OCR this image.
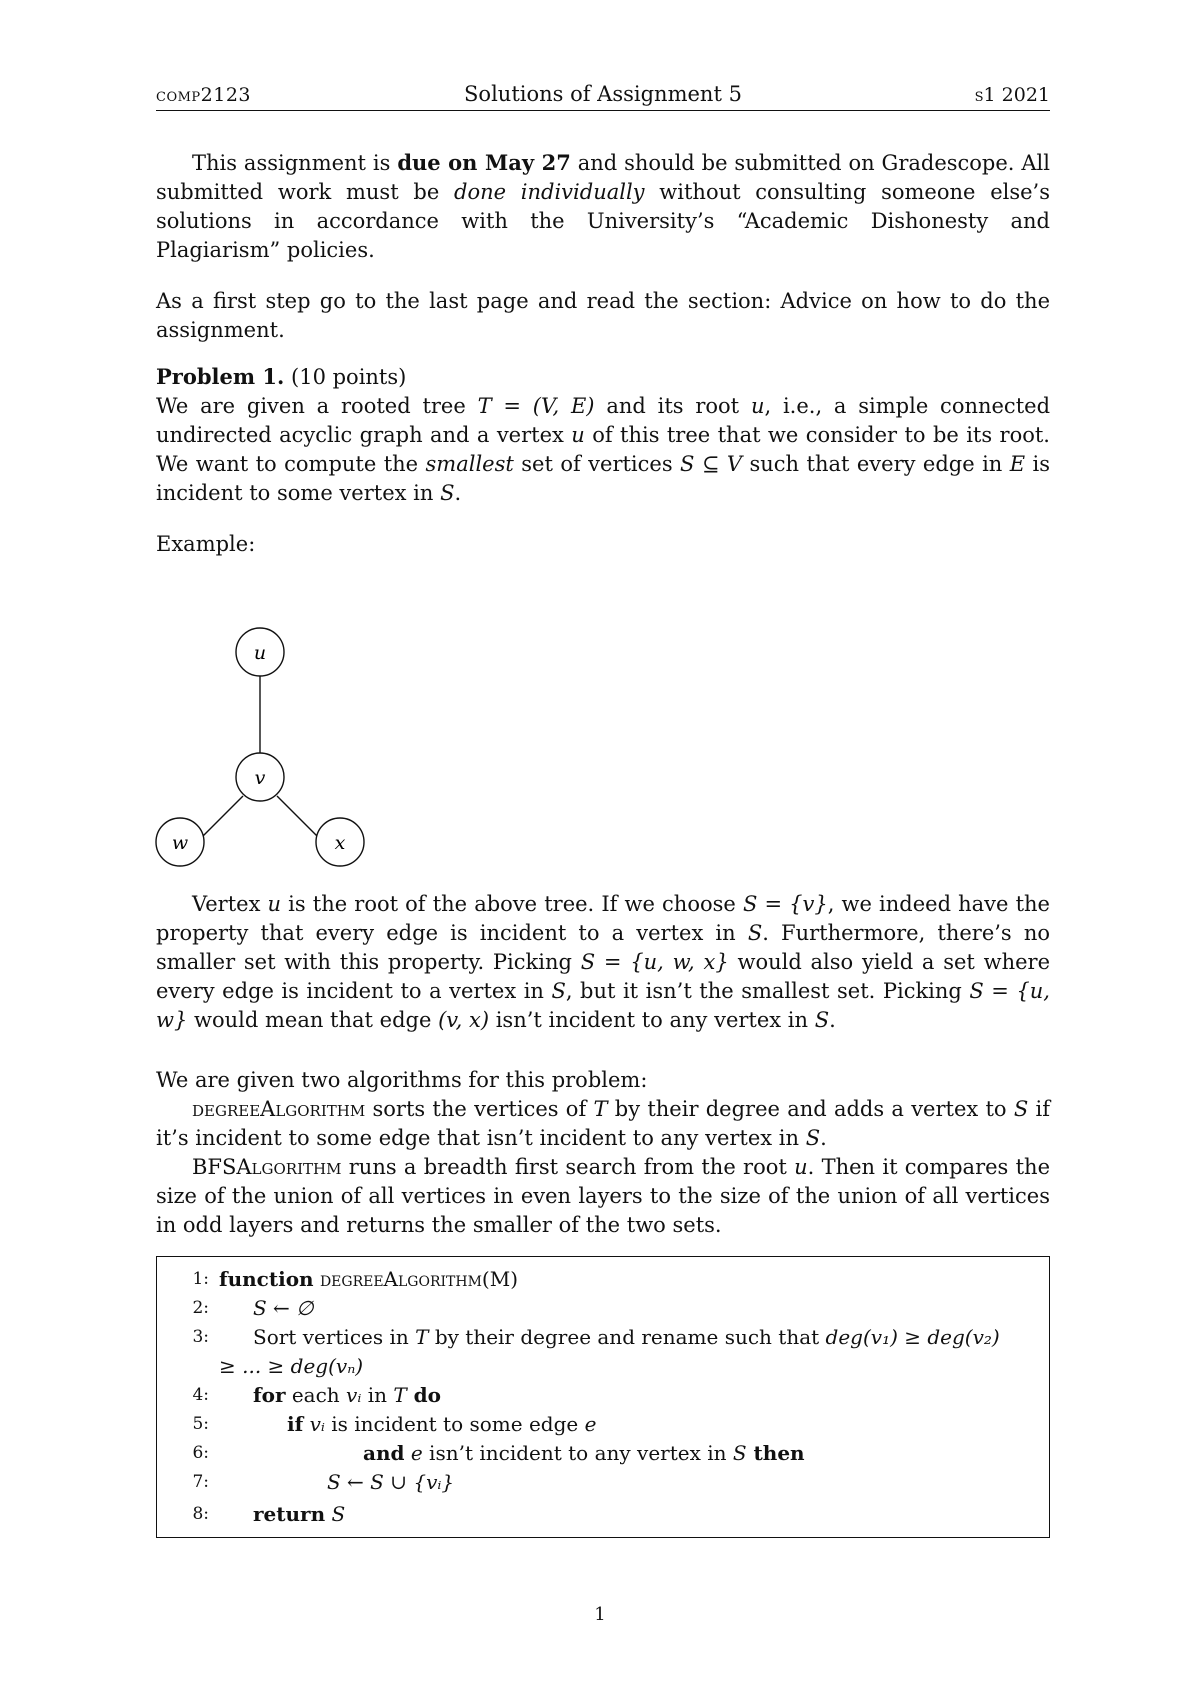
comp2123	Solutions of Assignment 5	s1 2021

This assignment is due on May 27 and should be submitted on Gradescope. All submitted work must be done individually without consulting someone else’s solutions in accordance with the University’s “Academic Dishonesty and Plagiarism” policies.

As a first step go to the last page and read the section: Advice on how to do the assignment.

Problem 1. (10 points)

We are given a rooted tree T = (V, E) and its root u, i.e., a simple connected undirected acyclic graph and a vertex u of this tree that we consider to be its root. We want to compute the smallest set of vertices S ⊆ V such that every edge in E is incident to some vertex in S.

Example:

u
v
w	x

Vertex u is the root of the above tree. If we choose S = {v}, we indeed have the property that every edge is incident to a vertex in S. Furthermore, there’s no smaller set with this property. Picking S = {u, w, x} would also yield a set where every edge is incident to a vertex in S, but it isn’t the smallest set. Picking S = {u, w} would mean that edge (v, x) isn’t incident to any vertex in S.

We are given two algorithms for this problem:

degreeAlgorithm sorts the vertices of T by their degree and adds a vertex to S if it’s incident to some edge that isn’t incident to any vertex in S.

BFSAlgorithm runs a breadth first search from the root u. Then it compares the size of the union of all vertices in even layers to the size of the union of all vertices in odd layers and returns the smaller of the two sets.

1: function degreeAlgorithm(M)
2: S ← ∅
3: Sort vertices in T by their degree and rename such that deg(v₁) ≥ deg(v₂)
≥ ... ≥ deg(vₙ)
4: for each vᵢ in T do
5:	if vᵢ is incident to some edge e
6:	and e isn’t incident to any vertex in S then
7:	S ← S ∪ {vᵢ}
8: return S
1
